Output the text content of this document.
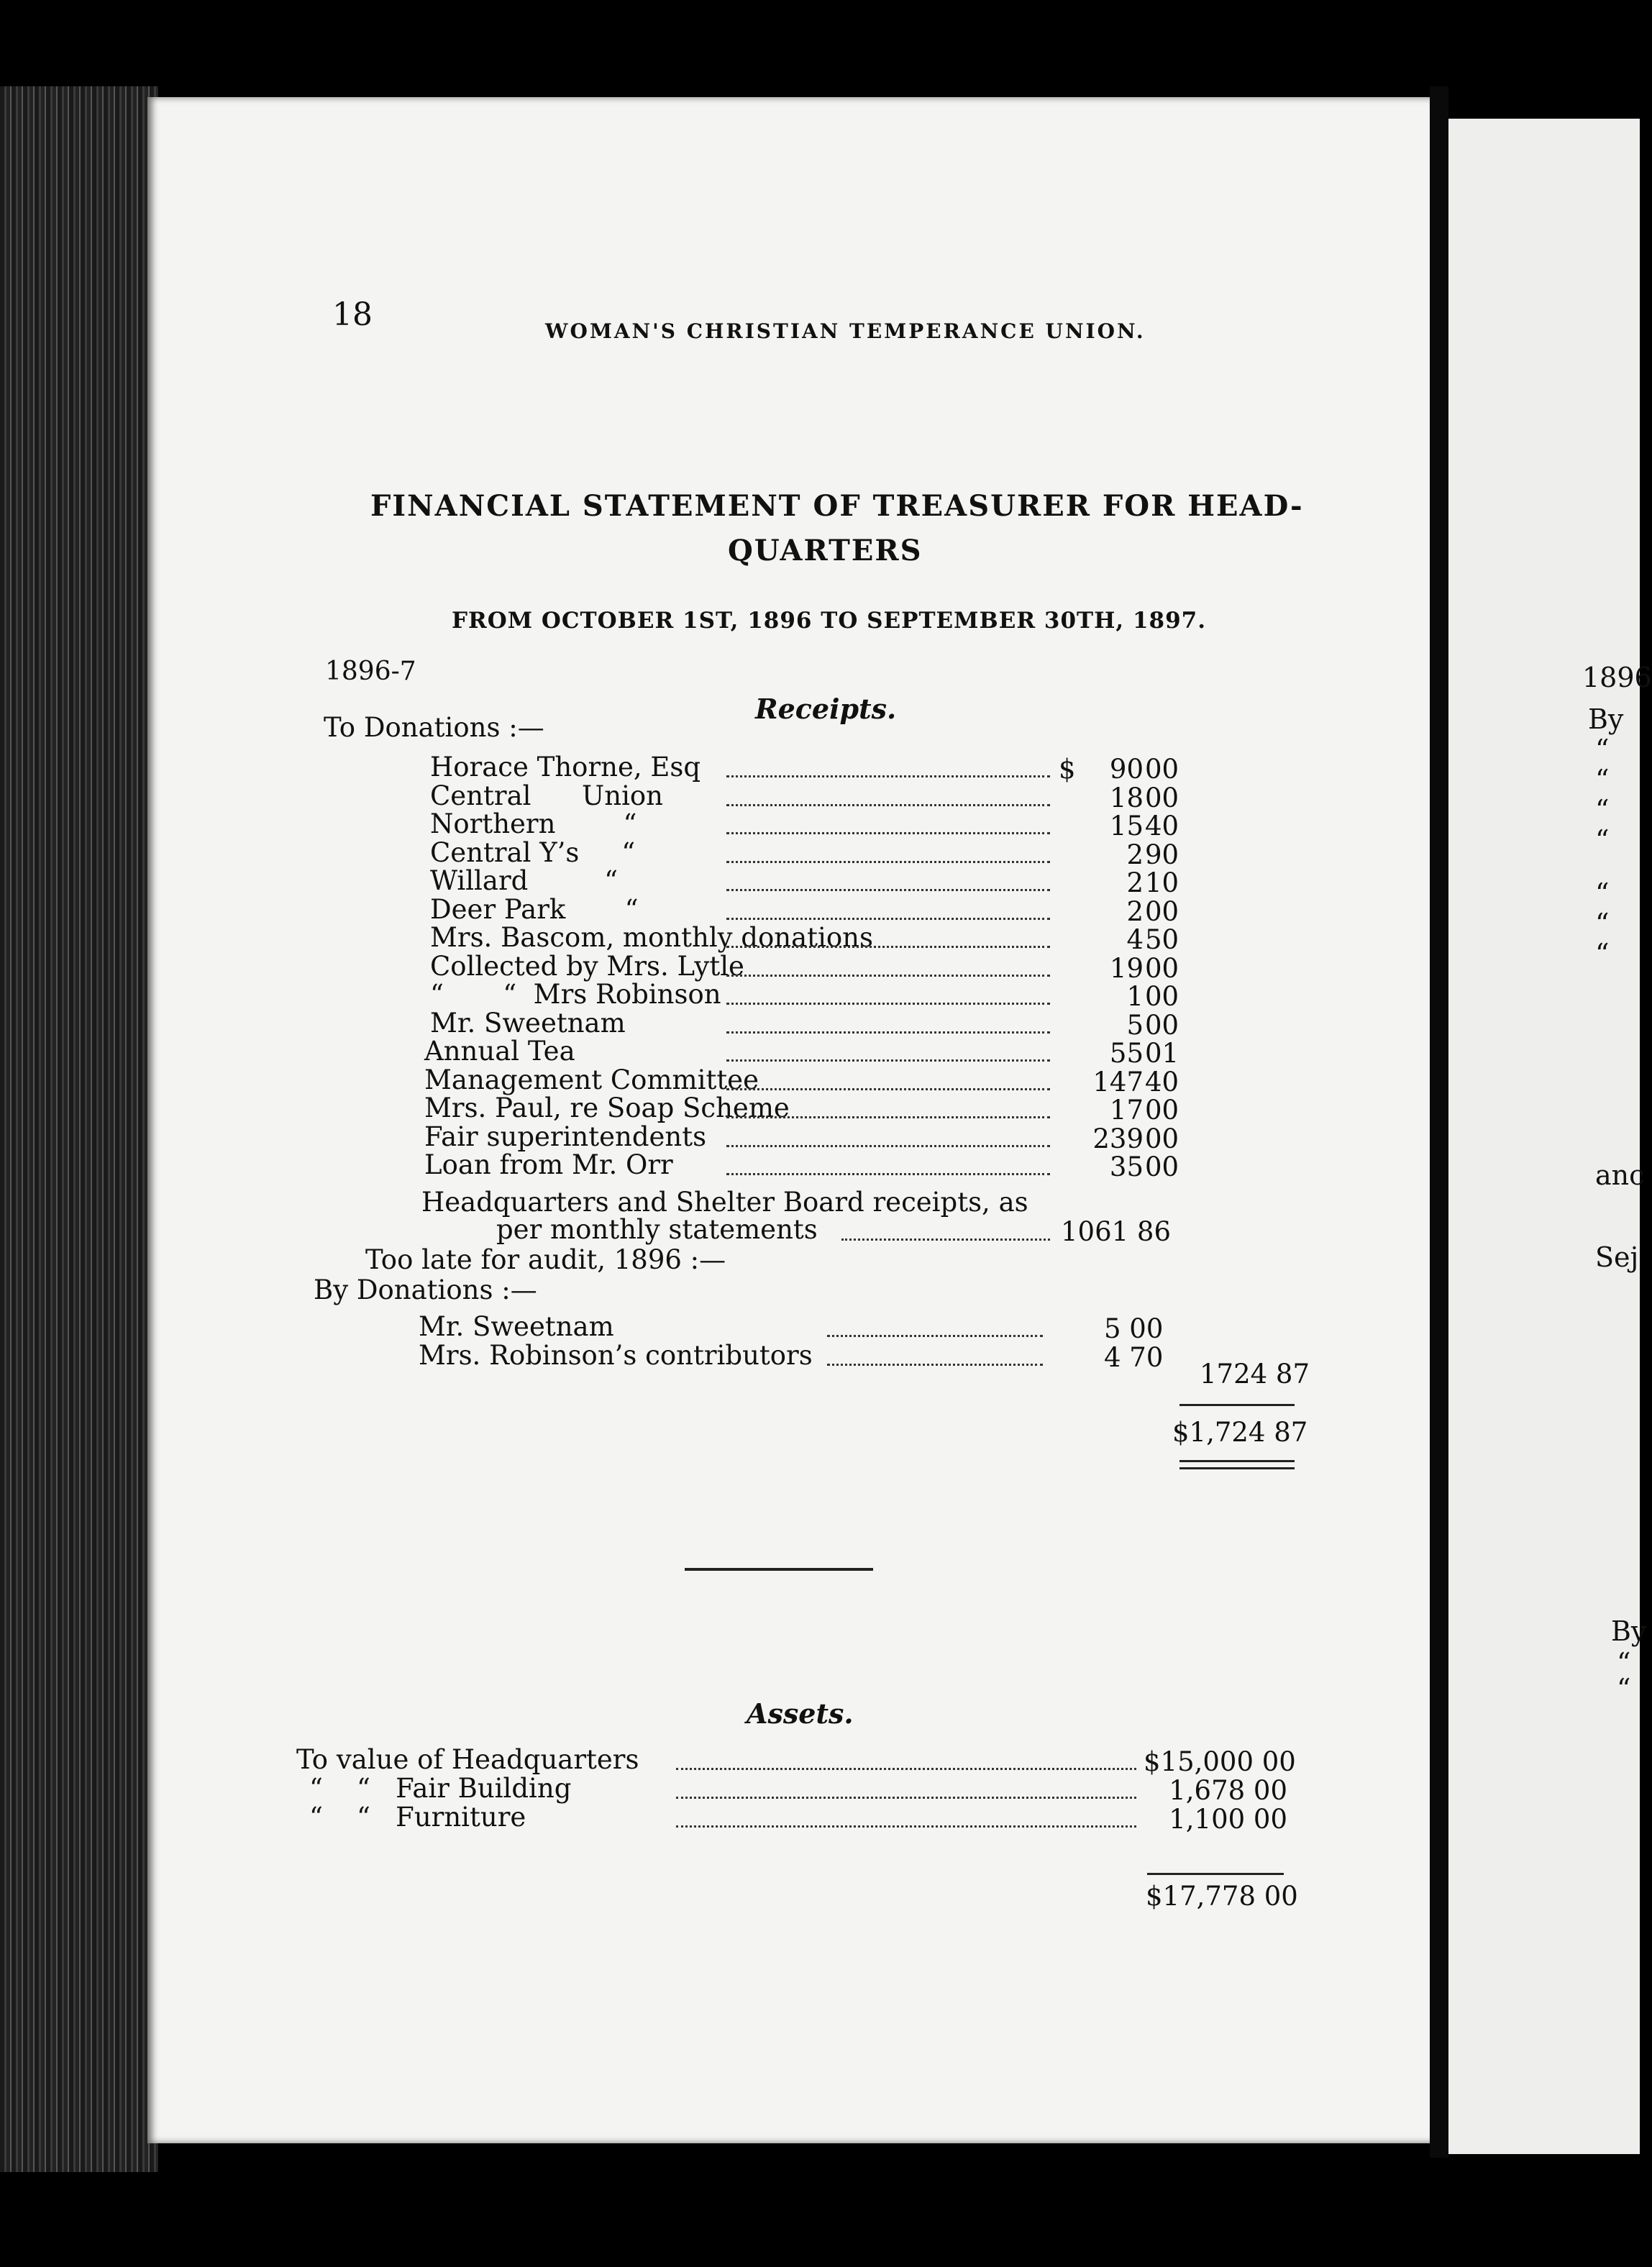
18	WOMAN'S CHRISTIAN TEMPERANCE UNION.
FINANCIAL STATEMENT OF TREASURER FOR HEAD-
QUARTERS
FROM OCTOBER 1ST, 1896 TO SEPTEMBER 30TH, 1897.
1896-7
Receipts.
To Donations :—
Horace Thorne, Esq	$	90 00
Central      Union	18 00
Northern        “	15 40
Central Y’s     “	2 90
Willard         “	2 10
Deer Park       “	2 00
Mrs. Bascom, monthly donations	4 50
Collected by Mrs. Lytle	19 00
“       “  Mrs Robinson	1 00
Mr. Sweetnam	5 00
Annual Tea	55 01
Management Committee	147 40
Mrs. Paul, re Soap Scheme	17 00
Fair superintendents	239 00
Loan from Mr. Orr	35 00
Headquarters and Shelter Board receipts, as
per monthly statements	1061 86
Too late for audit, 1896 :—
By Donations :—
Mr. Sweetnam	5 00
Mrs. Robinson’s contributors	4 70
1724 87
$1,724 87
Assets.
To value of Headquarters	$15,000 00
“    “   Fair Building	1,678 00
“    “   Furniture	1,100 00
$17,778 00
1896
By
“
“
“
“
“
“
“
anc
Sej
By
“
“
